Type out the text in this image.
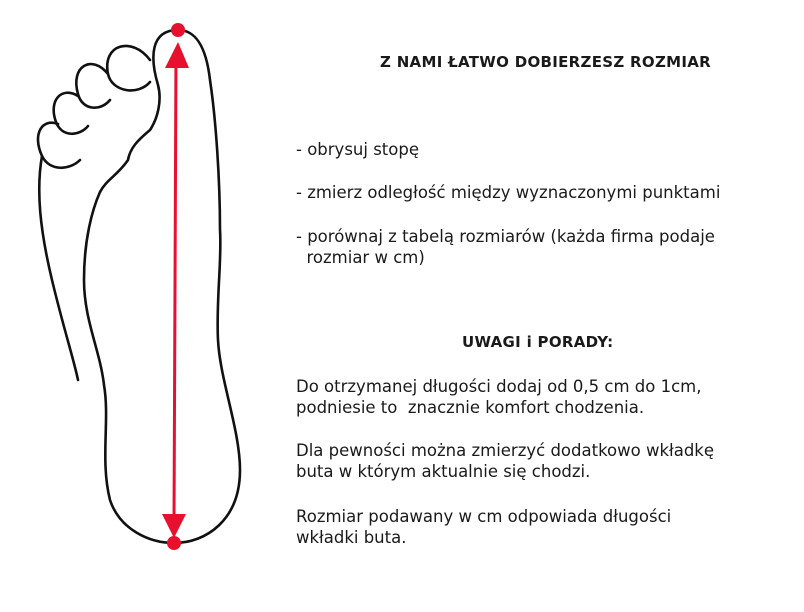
Z NAMI ŁATWO DOBIERZESZ ROZMIAR
- obrysuj stopę
- zmierz odległość między wyznaczonymi punktami
- porównaj z tabelą rozmiarów (każda firma podaje
rozmiar w cm)
UWAGI i PORADY:
Do otrzymanej długości dodaj od 0,5 cm do 1cm,
podniesie to  znacznie komfort chodzenia.
Dla pewności można zmierzyć dodatkowo wkładkę
buta w którym aktualnie się chodzi.
Rozmiar podawany w cm odpowiada długości
wkładki buta.
